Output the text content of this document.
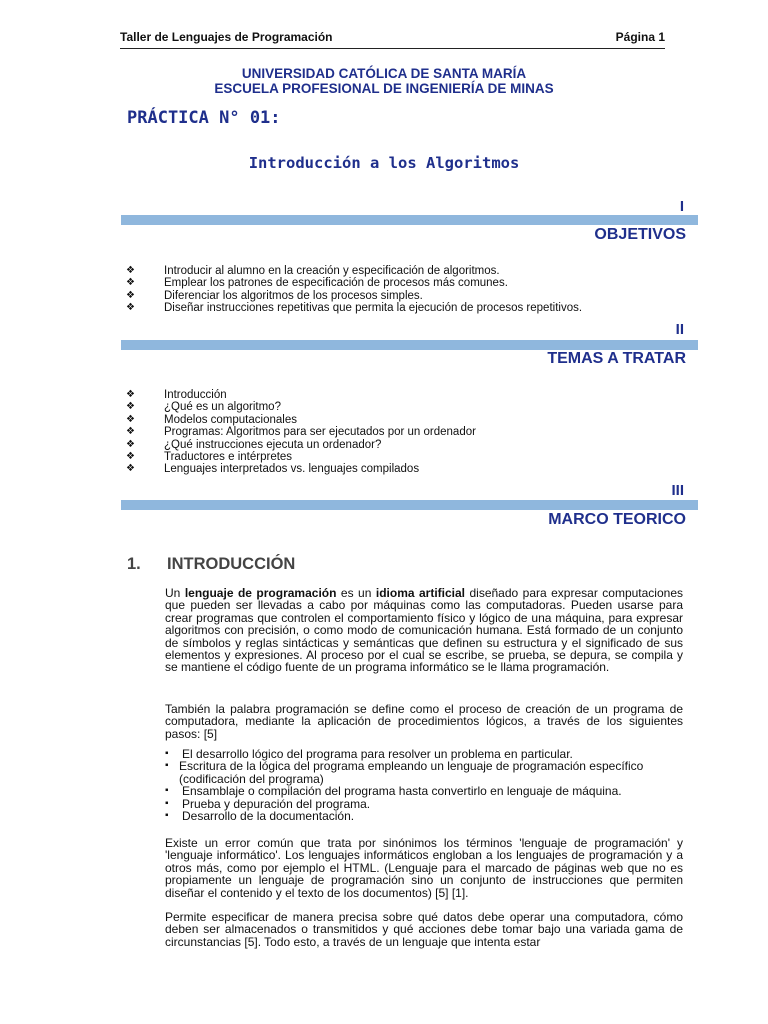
Taller de Lenguajes de Programación	Página 1
UNIVERSIDAD CATÓLICA DE SANTA MARÍA
ESCUELA PROFESIONAL DE INGENIERÍA DE MINAS
PRÁCTICA N° 01:
Introducción a los Algoritmos
I
OBJETIVOS
❖	Introducir al alumno en la creación y especificación de algoritmos.
❖	Emplear los patrones de especificación de procesos más comunes.
❖	Diferenciar los algoritmos de los procesos simples.
❖	Diseñar instrucciones repetitivas que permita la ejecución de procesos repetitivos.
II
TEMAS A TRATAR
❖	Introducción
❖	¿Qué es un algoritmo?
❖	Modelos computacionales
❖	Programas: Algoritmos para ser ejecutados por un ordenador
❖	¿Qué instrucciones ejecuta un ordenador?
❖	Traductores e intérpretes
❖	Lenguajes interpretados vs. lenguajes compilados
III
MARCO TEORICO
1. INTRODUCCIÓN

Un lenguaje de programación es un idioma artificial diseñado para expresar computaciones que pueden ser llevadas a cabo por máquinas como las computadoras. Pueden usarse para crear programas que controlen el comportamiento físico y lógico de una máquina, para expresar algoritmos con precisión, o como modo de comunicación humana. Está formado de un conjunto de símbolos y reglas sintácticas y semánticas que definen su estructura y el significado de sus elementos y expresiones. Al proceso por el cual se escribe, se prueba, se depura, se compila y se mantiene el código fuente de un programa informático se le llama programación.

También la palabra programación se define como el proceso de creación de un programa de computadora, mediante la aplicación de procedimientos lógicos, a través de los siguientes pasos: [5]

▪	El desarrollo lógico del programa para resolver un problema en particular.
▪ Escritura de la lógica del programa empleando un lenguaje de programación específico (codificación del programa)
▪	Ensamblaje o compilación del programa hasta convertirlo en lenguaje de máquina.
▪	Prueba y depuración del programa.
▪	Desarrollo de la documentación.

Existe un error común que trata por sinónimos los términos 'lenguaje de programación' y 'lenguaje informático'. Los lenguajes informáticos engloban a los lenguajes de programación y a otros más, como por ejemplo el HTML. (Lenguaje para el marcado de páginas web que no es propiamente un lenguaje de programación sino un conjunto de instrucciones que permiten diseñar el contenido y el texto de los documentos) [5] [1].

Permite especificar de manera precisa sobre qué datos debe operar una computadora, cómo deben ser almacenados o transmitidos y qué acciones debe tomar bajo una variada gama de circunstancias [5]. Todo esto, a través de un lenguaje que intenta estar
